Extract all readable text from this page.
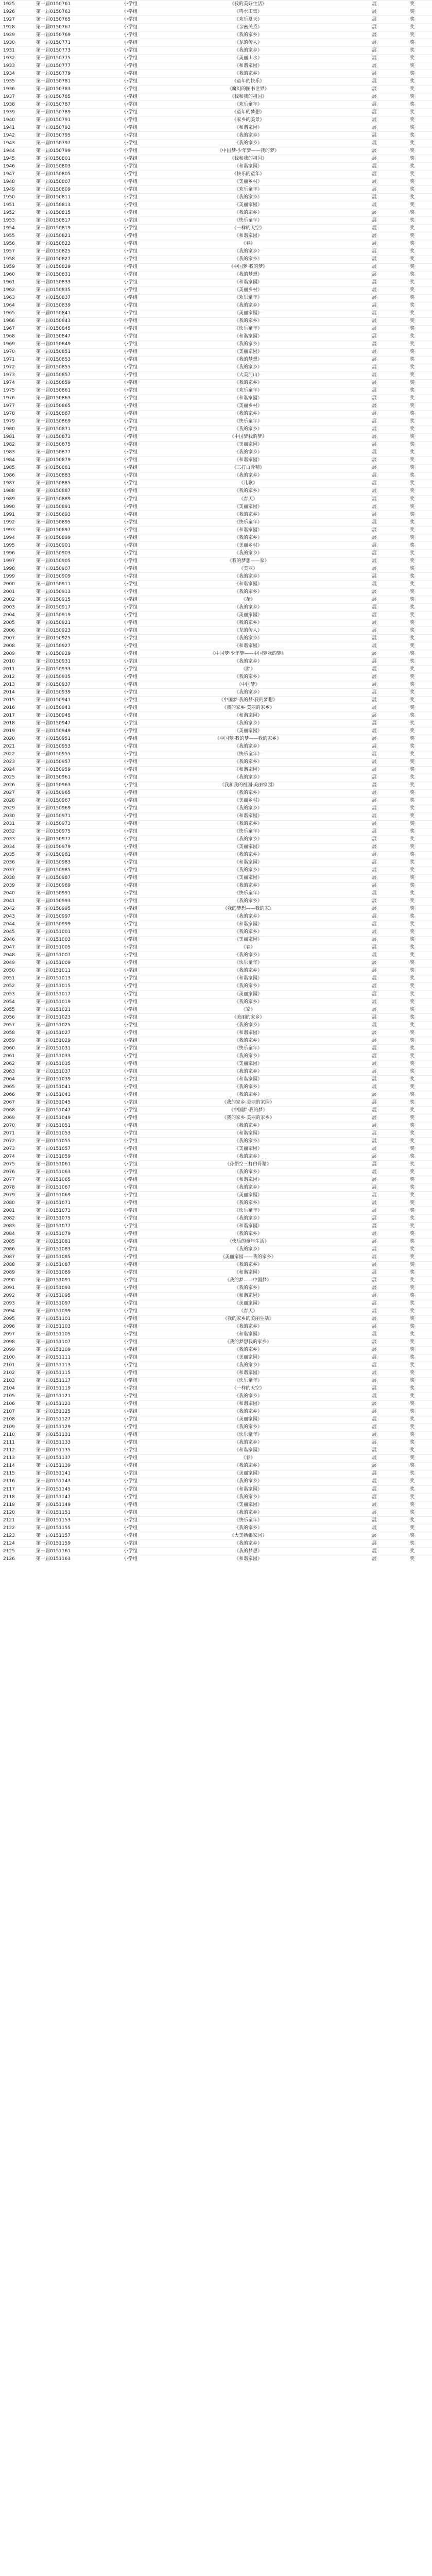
1925	第一届0150761	小学组	《我的美好生活》		展	奖
1926	第一届0150763	小学组	《鸣水田集》		展	奖
1927	第一届0150765	小学组	《欢乐夏天》		展	奖
1928	第一届0150767	小学组	《亲密关系》		展	奖
1929	第一届0150769	小学组	《我的家乡》		展	奖
1930	第一届0150771	小学组	《龙的传人》		展	奖
1931	第一届0150773	小学组	《我的家乡》		展	奖
1932	第一届0150775	小学组	《美丽山水》		展	奖
1933	第一届0150777	小学组	《和谐家园》		展	奖
1934	第一届0150779	小学组	《我的家乡》		展	奖
1935	第一届0150781	小学组	《童年的快乐》		展	奖
1936	第一届0150783	小学组	《魔幻的图书世界》		展	奖
1937	第一届0150785	小学组	《我和我的祖国》		展	奖
1938	第一届0150787	小学组	《欢乐童年》		展	奖
1939	第一届0150789	小学组	《童年的梦想》		展	奖
1940	第一届0150791	小学组	《家乡的美景》		展	奖
1941	第一届0150793	小学组	《和谐家园》		展	奖
1942	第一届0150795	小学组	《我的家乡》		展	奖
1943	第一届0150797	小学组	《我的家乡》		展	奖
1944	第一届0150799	小学组	《中国梦·少年梦——我的梦》		展	奖
1945	第一届0150801	小学组	《我和我的祖国》		展	奖
1946	第一届0150803	小学组	《和谐家园》		展	奖
1947	第一届0150805	小学组	《快乐的童年》		展	奖
1948	第一届0150807	小学组	《美丽乡村》		展	奖
1949	第一届0150809	小学组	《欢乐童年》		展	奖
1950	第一届0150811	小学组	《我的家乡》		展	奖
1951	第一届0150813	小学组	《美丽家园》		展	奖
1952	第一届0150815	小学组	《我的家乡》		展	奖
1953	第一届0150817	小学组	《快乐童年》		展	奖
1954	第一届0150819	小学组	《一样的天空》		展	奖
1955	第一届0150821	小学组	《和谐家园》		展	奖
1956	第一届0150823	小学组	《春》		展	奖
1957	第一届0150825	小学组	《我的家乡》		展	奖
1958	第一届0150827	小学组	《我的家乡》		展	奖
1959	第一届0150829	小学组	《中国梦·我的梦》		展	奖
1960	第一届0150831	小学组	《我的梦想》		展	奖
1961	第一届0150833	小学组	《和谐家园》		展	奖
1962	第一届0150835	小学组	《美丽乡村》		展	奖
1963	第一届0150837	小学组	《欢乐童年》		展	奖
1964	第一届0150839	小学组	《我的家乡》		展	奖
1965	第一届0150841	小学组	《美丽家园》		展	奖
1966	第一届0150843	小学组	《我的家乡》		展	奖
1967	第一届0150845	小学组	《快乐童年》		展	奖
1968	第一届0150847	小学组	《和谐家园》		展	奖
1969	第一届0150849	小学组	《我的家乡》		展	奖
1970	第一届0150851	小学组	《美丽家园》		展	奖
1971	第一届0150853	小学组	《我的梦想》		展	奖
1972	第一届0150855	小学组	《我的家乡》		展	奖
1973	第一届0150857	小学组	《大美河山》		展	奖
1974	第一届0150859	小学组	《我的家乡》		展	奖
1975	第一届0150861	小学组	《欢乐童年》		展	奖
1976	第一届0150863	小学组	《和谐家园》		展	奖
1977	第一届0150865	小学组	《美丽乡村》		展	奖
1978	第一届0150867	小学组	《我的家乡》		展	奖
1979	第一届0150869	小学组	《快乐童年》		展	奖
1980	第一届0150871	小学组	《我的家乡》		展	奖
1981	第一届0150873	小学组	《中国梦我的梦》		展	奖
1982	第一届0150875	小学组	《美丽家园》		展	奖
1983	第一届0150877	小学组	《我的家乡》		展	奖
1984	第一届0150879	小学组	《和谐家园》		展	奖
1985	第一届0150881	小学组	《三打白骨精》		展	奖
1986	第一届0150883	小学组	《我的家乡》		展	奖
1987	第一届0150885	小学组	《儿歌》		展	奖
1988	第一届0150887	小学组	《我的家乡》		展	奖
1989	第一届0150889	小学组	《春天》		展	奖
1990	第一届0150891	小学组	《美丽家园》		展	奖
1991	第一届0150893	小学组	《我的家乡》		展	奖
1992	第一届0150895	小学组	《快乐童年》		展	奖
1993	第一届0150897	小学组	《和谐家园》		展	奖
1994	第一届0150899	小学组	《我的家乡》		展	奖
1995	第一届0150901	小学组	《美丽乡村》		展	奖
1996	第一届0150903	小学组	《我的家乡》		展	奖
1997	第一届0150905	小学组	《我的梦想——家》		展	奖
1998	第一届0150907	小学组	《美丽》		展	奖
1999	第一届0150909	小学组	《我的家乡》		展	奖
2000	第一届0150911	小学组	《和谐家园》		展	奖
2001	第一届0150913	小学组	《我的家乡》		展	奖
2002	第一届0150915	小学组	《花》		展	奖
2003	第一届0150917	小学组	《我的家乡》		展	奖
2004	第一届0150919	小学组	《美丽家园》		展	奖
2005	第一届0150921	小学组	《我的家乡》		展	奖
2006	第一届0150923	小学组	《龙的传人》		展	奖
2007	第一届0150925	小学组	《我的家乡》		展	奖
2008	第一届0150927	小学组	《和谐家园》		展	奖
2009	第一届0150929	小学组	《中国梦·少年梦——中国梦我的梦》		展	奖
2010	第一届0150931	小学组	《我的家乡》		展	奖
2011	第一届0150933	小学组	《梦》		展	奖
2012	第一届0150935	小学组	《我的家乡》		展	奖
2013	第一届0150937	小学组	《中国梦》		展	奖
2014	第一届0150939	小学组	《我的家乡》		展	奖
2015	第一届0150941	小学组	《中国梦·我的梦·我的梦想》		展	奖
2016	第一届0150943	小学组	《我的家乡·美丽的家乡》		展	奖
2017	第一届0150945	小学组	《和谐家园》		展	奖
2018	第一届0150947	小学组	《我的家乡》		展	奖
2019	第一届0150949	小学组	《美丽家园》		展	奖
2020	第一届0150951	小学组	《中国梦·我的梦——我的家乡》		展	奖
2021	第一届0150953	小学组	《我的家乡》		展	奖
2022	第一届0150955	小学组	《快乐童年》		展	奖
2023	第一届0150957	小学组	《我的家乡》		展	奖
2024	第一届0150959	小学组	《和谐家园》		展	奖
2025	第一届0150961	小学组	《我的家乡》		展	奖
2026	第一届0150963	小学组	《我和我的祖国·美丽家园》		展	奖
2027	第一届0150965	小学组	《我的家乡》		展	奖
2028	第一届0150967	小学组	《美丽乡村》		展	奖
2029	第一届0150969	小学组	《我的家乡》		展	奖
2030	第一届0150971	小学组	《和谐家园》		展	奖
2031	第一届0150973	小学组	《我的家乡》		展	奖
2032	第一届0150975	小学组	《快乐童年》		展	奖
2033	第一届0150977	小学组	《我的家乡》		展	奖
2034	第一届0150979	小学组	《美丽家园》		展	奖
2035	第一届0150981	小学组	《我的家乡》		展	奖
2036	第一届0150983	小学组	《和谐家园》		展	奖
2037	第一届0150985	小学组	《我的家乡》		展	奖
2038	第一届0150987	小学组	《美丽家园》		展	奖
2039	第一届0150989	小学组	《我的家乡》		展	奖
2040	第一届0150991	小学组	《快乐童年》		展	奖
2041	第一届0150993	小学组	《我的家乡》		展	奖
2042	第一届0150995	小学组	《我的梦想——我的家》		展	奖
2043	第一届0150997	小学组	《我的家乡》		展	奖
2044	第一届0150999	小学组	《和谐家园》		展	奖
2045	第一届0151001	小学组	《我的家乡》		展	奖
2046	第一届0151003	小学组	《美丽家园》		展	奖
2047	第一届0151005	小学组	《春》		展	奖
2048	第一届0151007	小学组	《我的家乡》		展	奖
2049	第一届0151009	小学组	《快乐童年》		展	奖
2050	第一届0151011	小学组	《我的家乡》		展	奖
2051	第一届0151013	小学组	《和谐家园》		展	奖
2052	第一届0151015	小学组	《我的家乡》		展	奖
2053	第一届0151017	小学组	《美丽家园》		展	奖
2054	第一届0151019	小学组	《我的家乡》		展	奖
2055	第一届0151021	小学组	《家》		展	奖
2056	第一届0151023	小学组	《美丽的家乡》		展	奖
2057	第一届0151025	小学组	《我的家乡》		展	奖
2058	第一届0151027	小学组	《和谐家园》		展	奖
2059	第一届0151029	小学组	《我的家乡》		展	奖
2060	第一届0151031	小学组	《快乐童年》		展	奖
2061	第一届0151033	小学组	《我的家乡》		展	奖
2062	第一届0151035	小学组	《美丽家园》		展	奖
2063	第一届0151037	小学组	《我的家乡》		展	奖
2064	第一届0151039	小学组	《和谐家园》		展	奖
2065	第一届0151041	小学组	《我的家乡》		展	奖
2066	第一届0151043	小学组	《我的家乡》		展	奖
2067	第一届0151045	小学组	《我的家乡·美丽的家园》		展	奖
2068	第一届0151047	小学组	《中国梦·我的梦》		展	奖
2069	第一届0151049	小学组	《我的家乡·美丽的家乡》		展	奖
2070	第一届0151051	小学组	《我的家乡》		展	奖
2071	第一届0151053	小学组	《和谐家园》		展	奖
2072	第一届0151055	小学组	《我的家乡》		展	奖
2073	第一届0151057	小学组	《美丽家园》		展	奖
2074	第一届0151059	小学组	《我的家乡》		展	奖
2075	第一届0151061	小学组	《孙悟空三打白骨精》		展	奖
2076	第一届0151063	小学组	《我的家乡》		展	奖
2077	第一届0151065	小学组	《和谐家园》		展	奖
2078	第一届0151067	小学组	《我的家乡》		展	奖
2079	第一届0151069	小学组	《美丽家园》		展	奖
2080	第一届0151071	小学组	《我的家乡》		展	奖
2081	第一届0151073	小学组	《快乐童年》		展	奖
2082	第一届0151075	小学组	《我的家乡》		展	奖
2083	第一届0151077	小学组	《和谐家园》		展	奖
2084	第一届0151079	小学组	《我的家乡》		展	奖
2085	第一届0151081	小学组	《快乐的童年生活》		展	奖
2086	第一届0151083	小学组	《我的家乡》		展	奖
2087	第一届0151085	小学组	《美丽家园——我的家乡》		展	奖
2088	第一届0151087	小学组	《我的家乡》		展	奖
2089	第一届0151089	小学组	《和谐家园》		展	奖
2090	第一届0151091	小学组	《我的梦——中国梦》		展	奖
2091	第一届0151093	小学组	《我的家乡》		展	奖
2092	第一届0151095	小学组	《和谐家园》		展	奖
2093	第一届0151097	小学组	《美丽家园》		展	奖
2094	第一届0151099	小学组	《春天》		展	奖
2095	第一届0151101	小学组	《我的家乡的美丽生活》		展	奖
2096	第一届0151103	小学组	《我的家乡》		展	奖
2097	第一届0151105	小学组	《和谐家园》		展	奖
2098	第一届0151107	小学组	《我的梦想我的家乡》		展	奖
2099	第一届0151109	小学组	《我的家乡》		展	奖
2100	第一届0151111	小学组	《美丽家园》		展	奖
2101	第一届0151113	小学组	《我的家乡》		展	奖
2102	第一届0151115	小学组	《和谐家园》		展	奖
2103	第一届0151117	小学组	《快乐童年》		展	奖
2104	第一届0151119	小学组	《一样的天空》		展	奖
2105	第一届0151121	小学组	《我的家乡》		展	奖
2106	第一届0151123	小学组	《和谐家园》		展	奖
2107	第一届0151125	小学组	《我的家乡》		展	奖
2108	第一届0151127	小学组	《美丽家园》		展	奖
2109	第一届0151129	小学组	《我的家乡》		展	奖
2110	第一届0151131	小学组	《快乐童年》		展	奖
2111	第一届0151133	小学组	《我的家乡》		展	奖
2112	第一届0151135	小学组	《和谐家园》		展	奖
2113	第一届0151137	小学组	《春》		展	奖
2114	第一届0151139	小学组	《我的家乡》		展	奖
2115	第一届0151141	小学组	《美丽家园》		展	奖
2116	第一届0151143	小学组	《我的家乡》		展	奖
2117	第一届0151145	小学组	《和谐家园》		展	奖
2118	第一届0151147	小学组	《我的家乡》		展	奖
2119	第一届0151149	小学组	《美丽家园》		展	奖
2120	第一届0151151	小学组	《我的家乡》		展	奖
2121	第一届0151153	小学组	《快乐童年》		展	奖
2122	第一届0151155	小学组	《我的家乡》		展	奖
2123	第一届0151157	小学组	《大美新疆家园》		展	奖
2124	第一届0151159	小学组	《我的家乡》		展	奖
2125	第一届0151161	小学组	《我的梦想》		展	奖
2126	第一届0151163	小学组	《和谐家园》		展	奖
